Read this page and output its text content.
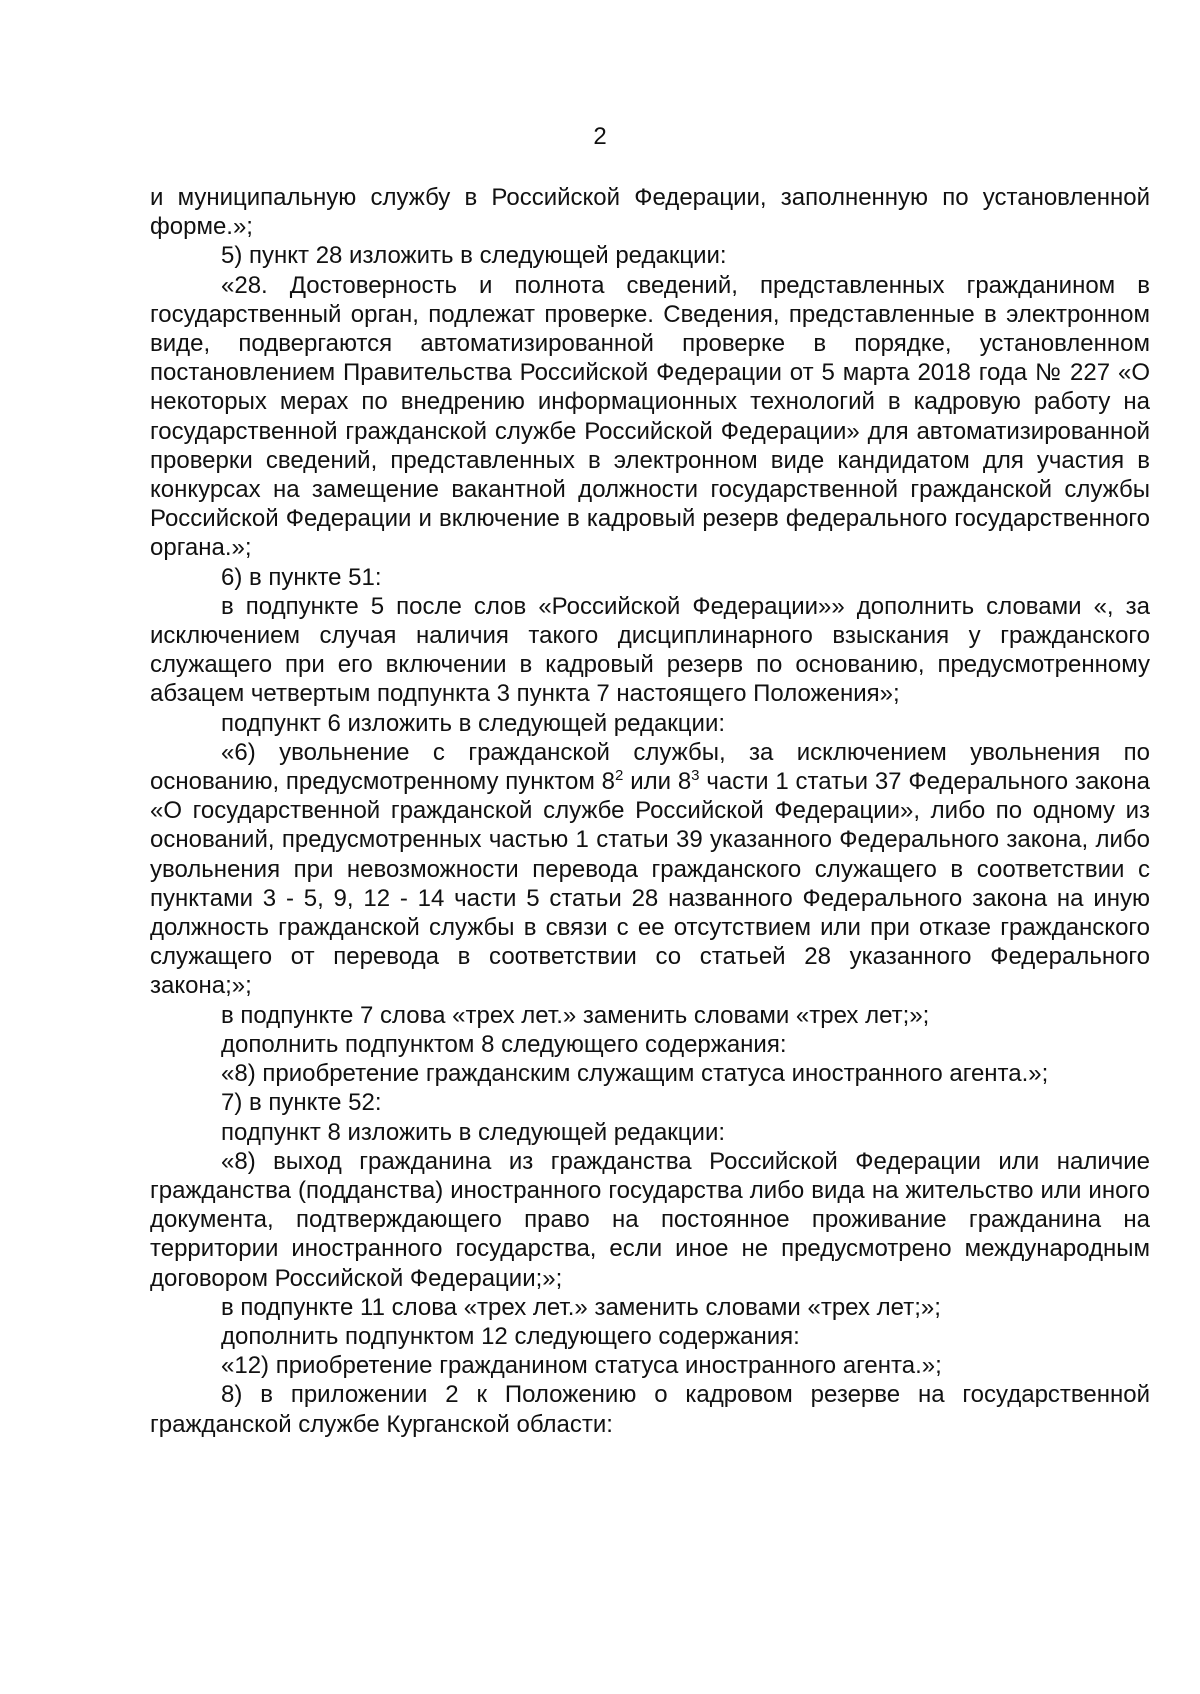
2

и муниципальную службу в Российской Федерации, заполненную по установленной форме.»;

5) пункт 28 изложить в следующей редакции:

«28. Достоверность и полнота сведений, представленных гражданином в государственный орган, подлежат проверке. Сведения, представленные в электронном виде, подвергаются автоматизированной проверке в порядке, установленном постановлением Правительства Российской Федерации от 5 марта 2018 года № 227 «О некоторых мерах по внедрению информационных технологий в кадровую работу на государственной гражданской службе Российской Федерации» для автоматизированной проверки сведений, представленных в электронном виде кандидатом для участия в конкурсах на замещение вакантной должности государственной гражданской службы Российской Федерации и включение в кадровый резерв федерального государственного органа.»;

6) в пункте 51:

в подпункте 5 после слов «Российской Федерации»» дополнить словами «, за исключением случая наличия такого дисциплинарного взыскания у гражданского служащего при его включении в кадровый резерв по основанию, предусмотренному абзацем четвертым подпункта 3 пункта 7 настоящего Положения»;

подпункт 6 изложить в следующей редакции:

«6) увольнение с гражданской службы, за исключением увольнения по основанию, предусмотренному пунктом $8^2$ или $8^3$ части 1 статьи 37 Федерального закона «О государственной гражданской службе Российской Федерации», либо по одному из оснований, предусмотренных частью 1 статьи 39 указанного Федерального закона, либо увольнения при невозможности перевода гражданского служащего в соответствии с пунктами 3 - 5, 9, 12 - 14 части 5 статьи 28 названного Федерального закона на иную должность гражданской службы в связи с ее отсутствием или при отказе гражданского служащего от перевода в соответствии со статьей 28 указанного Федерального закона;»;

в подпункте 7 слова «трех лет.» заменить словами «трех лет;»;

дополнить подпунктом 8 следующего содержания:

«8) приобретение гражданским служащим статуса иностранного агента.»;

7) в пункте 52:

подпункт 8 изложить в следующей редакции:

«8) выход гражданина из гражданства Российской Федерации или наличие гражданства (подданства) иностранного государства либо вида на жительство или иного документа, подтверждающего право на постоянное проживание гражданина на территории иностранного государства, если иное не предусмотрено международным договором Российской Федерации;»;

в подпункте 11 слова «трех лет.» заменить словами «трех лет;»;

дополнить подпунктом 12 следующего содержания:

«12) приобретение гражданином статуса иностранного агента.»;

8) в приложении 2 к Положению о кадровом резерве на государственной гражданской службе Курганской области:
